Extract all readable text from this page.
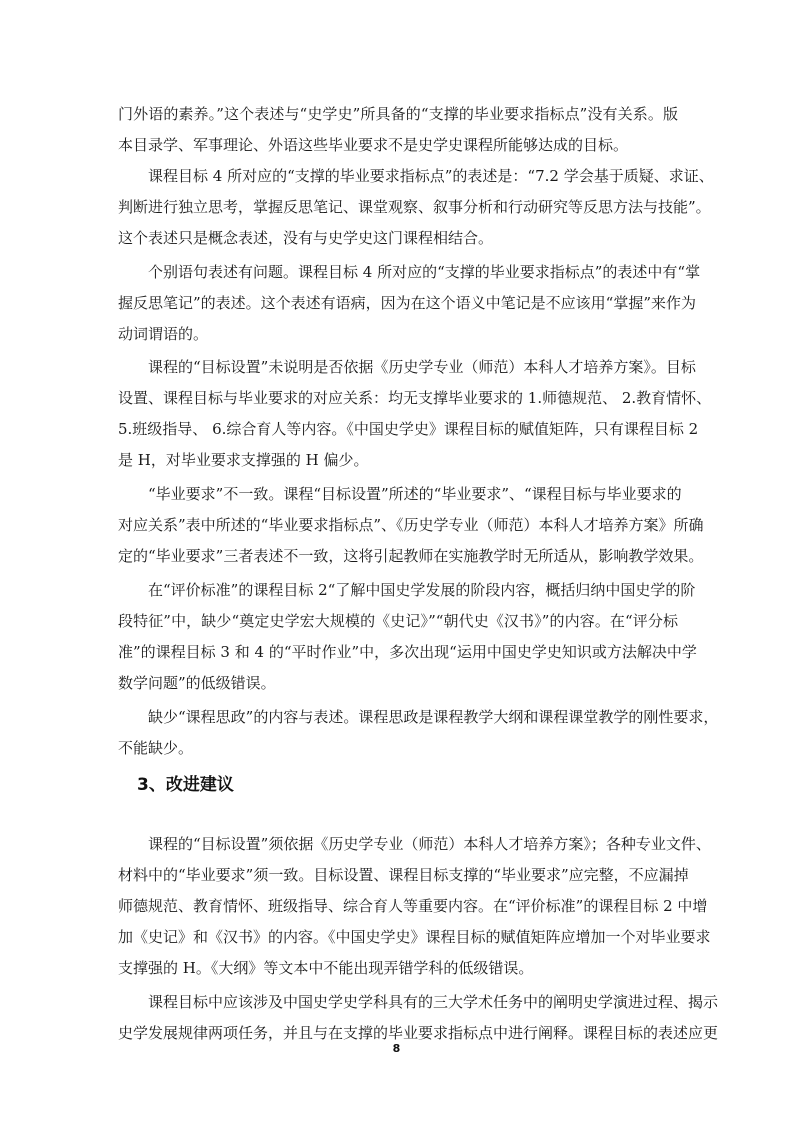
门外语的素养。”这个表述与“史学史”所具备的“支撑的毕业要求指标点”没有关系。版
本目录学、军事理论、外语这些毕业要求不是史学史课程所能够达成的目标。
课程目标 4 所对应的“支撑的毕业要求指标点”的表述是：“7.2 学会基于质疑、求证、
判断进行独立思考，掌握反思笔记、课堂观察、叙事分析和行动研究等反思方法与技能”。
这个表述只是概念表述，没有与史学史这门课程相结合。
个别语句表述有问题。课程目标 4 所对应的“支撑的毕业要求指标点”的表述中有“掌
握反思笔记”的表述。这个表述有语病，因为在这个语义中笔记是不应该用“掌握”来作为
动词谓语的。
课程的“目标设置”未说明是否依据《历史学专业（师范）本科人才培养方案》。目标
设置、课程目标与毕业要求的对应关系：均无支撑毕业要求的 1.师德规范、 2.教育情怀、
5.班级指导、 6.综合育人等内容。《中国史学史》课程目标的赋值矩阵，只有课程目标 2
是 H，对毕业要求支撑强的 H 偏少。
“毕业要求”不一致。课程“目标设置”所述的“毕业要求”、“课程目标与毕业要求的
对应关系”表中所述的“毕业要求指标点”、《历史学专业（师范）本科人才培养方案》所确
定的“毕业要求”三者表述不一致，这将引起教师在实施教学时无所适从，影响教学效果。
在“评价标准”的课程目标 2“了解中国史学发展的阶段内容，概括归纳中国史学的阶
段特征”中，缺少“奠定史学宏大规模的《史记》”“朝代史《汉书》”的内容。在“评分标
准”的课程目标 3 和 4 的“平时作业”中，多次出现“运用中国史学史知识或方法解决中学
数学问题”的低级错误。
缺少“课程思政”的内容与表述。课程思政是课程教学大纲和课程课堂教学的刚性要求，
不能缺少。
3、改进建议
课程的“目标设置”须依据《历史学专业（师范）本科人才培养方案》；各种专业文件、
材料中的“毕业要求”须一致。目标设置、课程目标支撑的“毕业要求”应完整，不应漏掉
师德规范、教育情怀、班级指导、综合育人等重要内容。在“评价标准”的课程目标 2 中增
加《史记》和《汉书》的内容。《中国史学史》课程目标的赋值矩阵应增加一个对毕业要求
支撑强的 H。《大纲》等文本中不能出现弄错学科的低级错误。
课程目标中应该涉及中国史学史学科具有的三大学术任务中的阐明史学演进过程、揭示
史学发展规律两项任务，并且与在支撑的毕业要求指标点中进行阐释。课程目标的表述应更
8
